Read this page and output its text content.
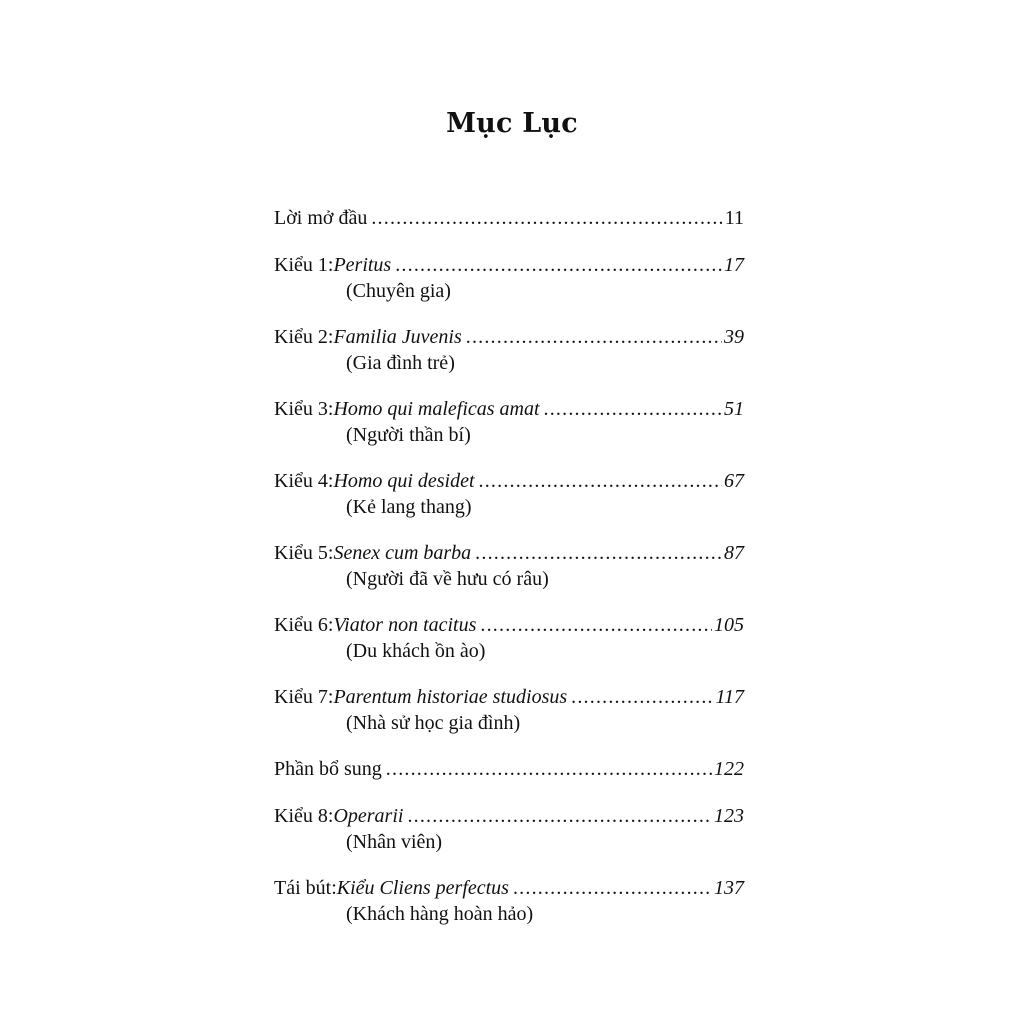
Mục Lục
Lời mở đầu .....	11
Kiểu 1: Peritus .....	17
(Chuyên gia)
Kiểu 2: Familia Juvenis .....	39
(Gia đình trẻ)
Kiểu 3: Homo qui maleficas amat .....	51
(Người thần bí)
Kiểu 4: Homo qui desidet .....	67
(Kẻ lang thang)
Kiểu 5: Senex cum barba .....	87
(Người đã về hưu có râu)
Kiểu 6: Viator non tacitus .....	105
(Du khách ồn ào)
Kiểu 7: Parentum historiae studiosus .....	117
(Nhà sử học gia đình)
Phần bổ sung .....	122
Kiểu 8: Operarii .....	123
(Nhân viên)
Tái bút: Kiểu Cliens perfectus .....	137
(Khách hàng hoàn hảo)
